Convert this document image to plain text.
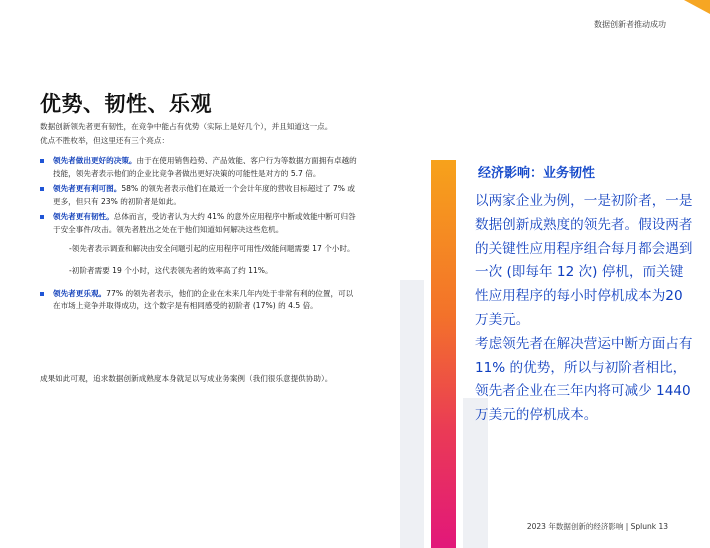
数据创新者推动成功
优势、韧性、乐观
数据创新领先者更有韧性，在竞争中能占有优势（实际上是好几个），并且知道这一点。
优点不胜枚举，但这里还有三个亮点：
领先者做出更好的决策。由于在使用销售趋势、产品效能、客户行为等数据方面拥有卓越的技能，领先者表示他们的企业比竞争者做出更好决策的可能性是对方的 5.7 倍。
领先者更有利可图。58% 的领先者表示他们在最近一个会计年度的营收目标超过了 7% 或更多，但只有 23% 的初阶者是如此。
领先者更有韧性。总体而言，受访者认为大约 41% 的意外应用程序中断或效能中断可归咎于安全事件/攻击。领先者胜出之处在于他们知道如何解决这些危机。
-领先者表示调查和解决由安全问题引起的应用程序可用性/效能问题需要 17 个小时。
-初阶者需要 19 个小时，这代表领先者的效率高了约 11%。
领先者更乐观。77% 的领先者表示，他们的企业在未来几年内处于非常有利的位置，可以在市场上竞争并取得成功，这个数字是有相同感受的初阶者 (17%) 的 4.5 倍。
成果如此可观，追求数据创新成熟度本身就足以写成业务案例（我们很乐意提供协助）。
经济影响：业务韧性

以两家企业为例，一是初阶者，一是数据创新成熟度的领先者。假设两者的关键性应用程序组合每月都会遇到一次 (即每年 12 次) 停机，而关键性应用程序的每小时停机成本为20 万美元。

考虑领先者在解决营运中断方面占有11% 的优势，所以与初阶者相比，领先者企业在三年内将可减少 1440 万美元的停机成本。

2023 年数据创新的经济影响 | Splunk 13
